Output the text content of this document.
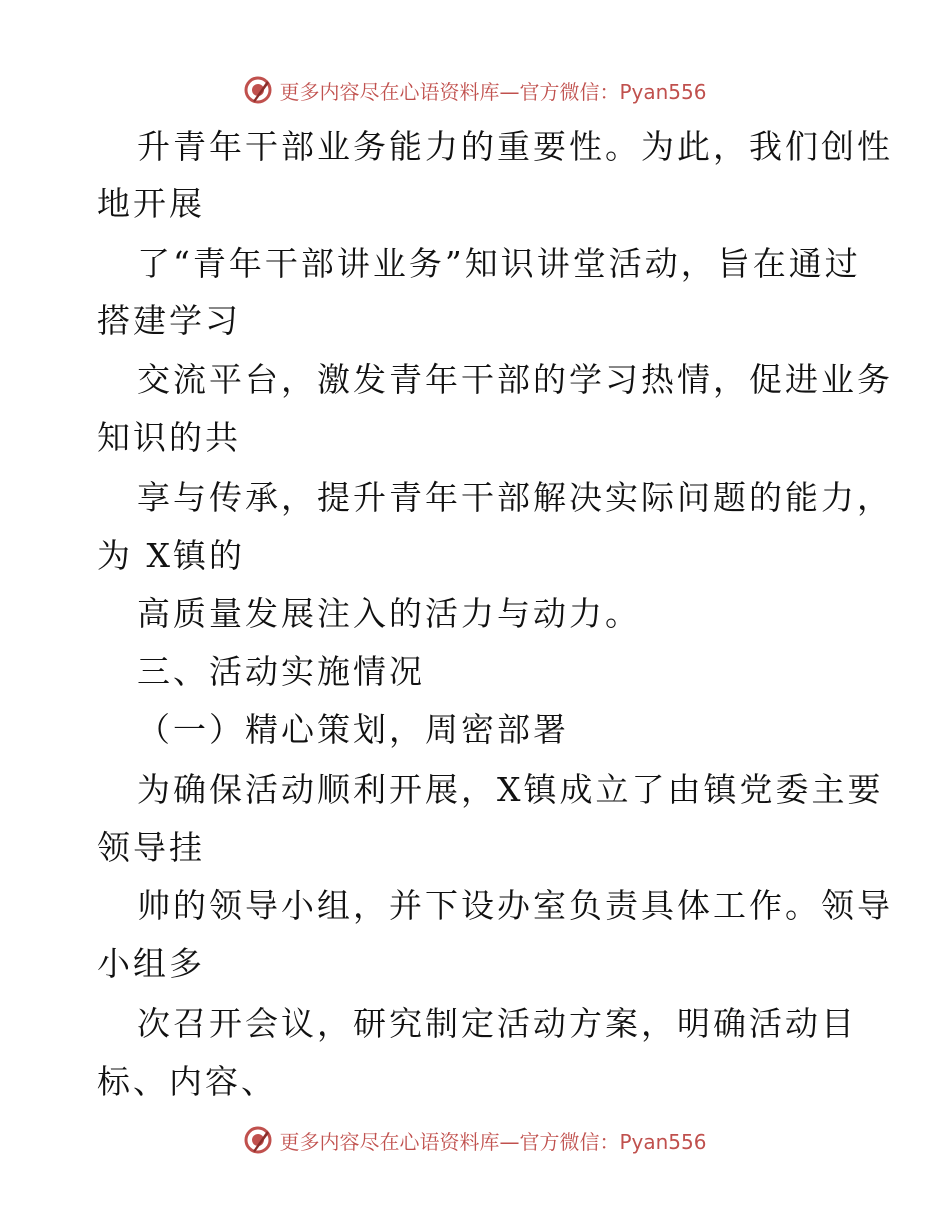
更多内容尽在心语资料库—官方微信：Pyan556
升青年干部业务能力的重要性。为此，我们创性
地开展
了“青年干部讲业务”知识讲堂活动，旨在通过
搭建学习
交流平台，激发青年干部的学习热情，促进业务
知识的共
享与传承，提升青年干部解决实际问题的能力，
为 X镇的
高质量发展注入的活力与动力。
三、活动实施情况
（一）精心策划，周密部署
为确保活动顺利开展，X镇成立了由镇党委主要
领导挂
帅的领导小组，并下设办室负责具体工作。领导
小组多
次召开会议，研究制定活动方案，明确活动目
标、内容、
更多内容尽在心语资料库—官方微信：Pyan556
